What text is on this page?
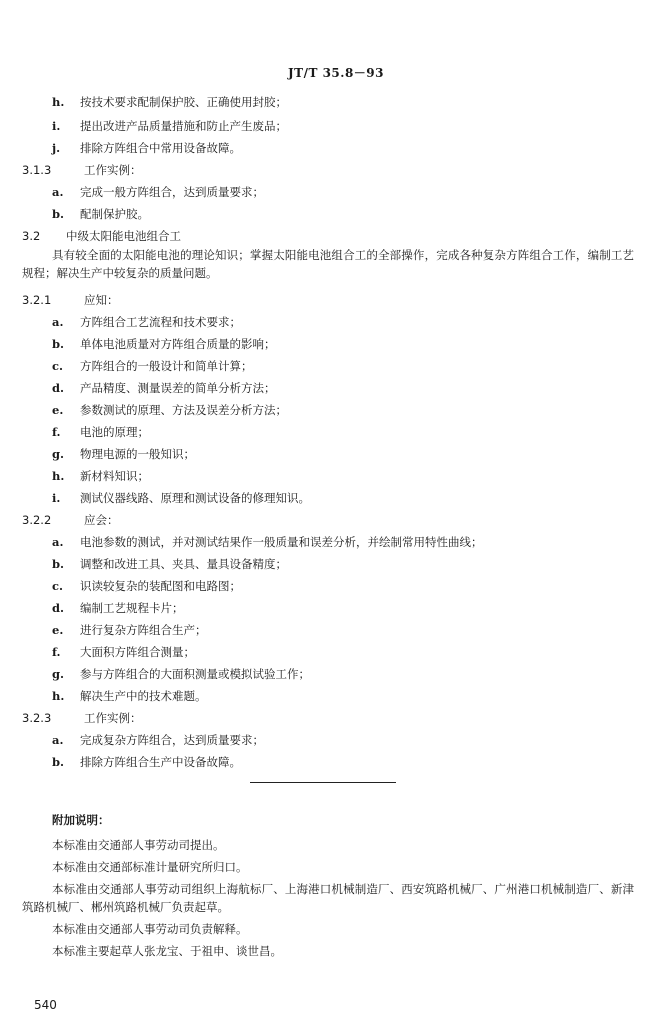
JT/T 35.8－93
h. 按技术要求配制保护胶、正确使用封胶；
i. 提出改进产品质量措施和防止产生废品；
j. 排除方阵组合中常用设备故障。
3.1.3	工作实例：
a. 完成一般方阵组合，达到质量要求；
b. 配制保护胶。
3.2 中级太阳能电池组合工
具有较全面的太阳能电池的理论知识；掌握太阳能电池组合工的全部操作，完成各种复杂方阵组合工作，编制工艺规程；解决生产中较复杂的质量问题。
3.2.1	应知：
a. 方阵组合工艺流程和技术要求；
b. 单体电池质量对方阵组合质量的影响；
c. 方阵组合的一般设计和简单计算；
d. 产品精度、测量误差的简单分析方法；
e. 参数测试的原理、方法及误差分析方法；
f. 电池的原理；
g. 物理电源的一般知识；
h. 新材料知识；
i. 测试仪器线路、原理和测试设备的修理知识。
3.2.2	应会：
a. 电池参数的测试，并对测试结果作一般质量和误差分析，并绘制常用特性曲线；
b. 调整和改进工具、夹具、量具设备精度；
c. 识读较复杂的装配图和电路图；
d. 编制工艺规程卡片；
e. 进行复杂方阵组合生产；
f. 大面积方阵组合测量；
g. 参与方阵组合的大面积测量或模拟试验工作；
h. 解决生产中的技术难题。
3.2.3	工作实例：
a. 完成复杂方阵组合，达到质量要求；
b. 排除方阵组合生产中设备故障。
附加说明：
本标准由交通部人事劳动司提出。
本标准由交通部标准计量研究所归口。
本标准由交通部人事劳动司组织上海航标厂、上海港口机械制造厂、西安筑路机械厂、广州港口机械制造厂、新津筑路机械厂、郴州筑路机械厂负责起草。
本标准由交通部人事劳动司负责解释。
本标准主要起草人张龙宝、于祖申、谈世昌。
540
